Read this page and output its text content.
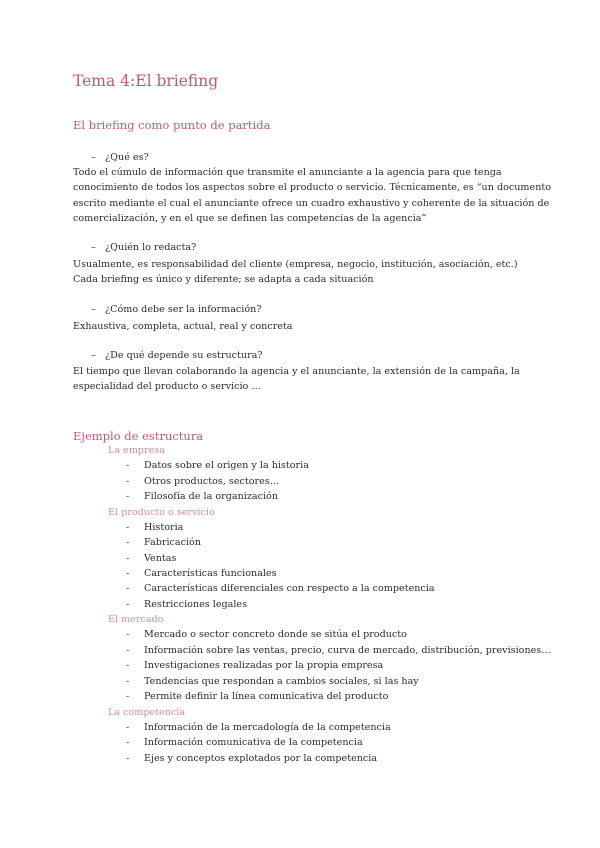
Tema 4:El briefing
El briefing como punto de partida
– ¿Qué es?
Todo el cúmulo de información que transmite el anunciante a la agencia para que tenga
conocimiento de todos los aspectos sobre el producto o servicio. Técnicamente, es “un documento
escrito mediante el cual el anunciante ofrece un cuadro exhaustivo y coherente de la situación de
comercialización, y en el que se definen las competencias de la agencia”
– ¿Quién lo redacta?
Usualmente, es responsabilidad del cliente (empresa, negocio, institución, asociación, etc.)
Cada briefing es único y diferente; se adapta a cada situación
– ¿Cómo debe ser la información?
Exhaustiva, completa, actual, real y concreta
– ¿De qué depende su estructura?
El tiempo que llevan colaborando la agencia y el anunciante, la extensión de la campaña, la
especialidad del producto o servicio …
Ejemplo de estructura
La empresa
- Datos sobre el origen y la historia
- Otros productos, sectores…
- Filosofía de la organización
El producto o servicio
- Historia
- Fabricación
- Ventas
- Características funcionales
- Características diferenciales con respecto a la competencia
- Restricciones legales
El mercado
- Mercado o sector concreto donde se sitúa el producto
- Información sobre las ventas, precio, curva de mercado, distribución, previsiones…
- Investigaciones realizadas por la propia empresa
- Tendencias que respondan a cambios sociales, si las hay
- Permite definir la línea comunicativa del producto
La competencia
- Información de la mercadología de la competencia
- Información comunicativa de la competencia
- Ejes y conceptos explotados por la competencia
